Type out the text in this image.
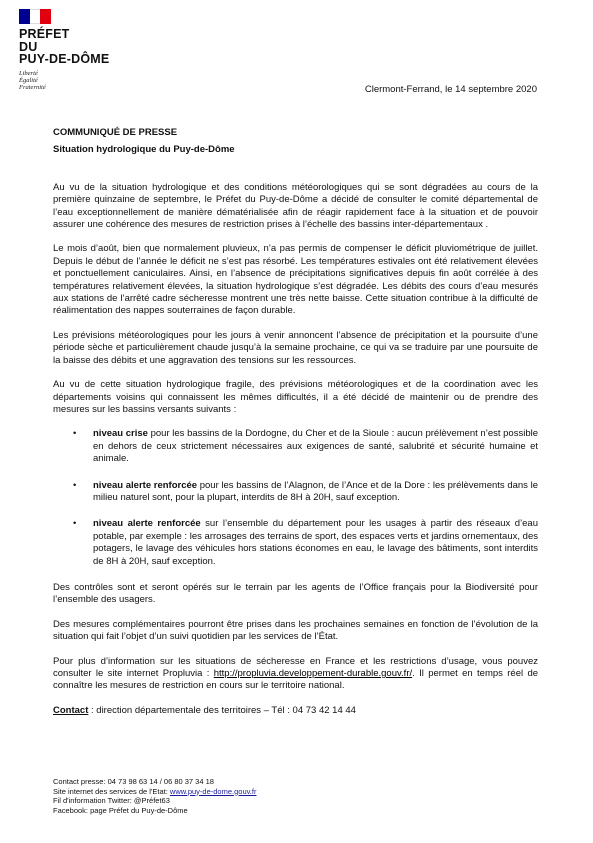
PRÉFET
DU
PUY-DE-DÔME
Liberté
Égalité
Fraternité	Clermont-Ferrand, le 14 septembre 2020
COMMUNIQUÉ DE PRESSE
Situation hydrologique du Puy-de-Dôme

Au vu de la situation hydrologique et des conditions météorologiques qui se sont dégradées au cours de la première quinzaine de septembre, le Préfet du Puy-de-Dôme a décidé de consulter le comité départemental de l’eau exceptionnellement de manière dématérialisée afin de réagir rapidement face à la situation et de pouvoir assurer une cohérence des mesures de restriction prises à l’échelle des bassins inter-départementaux .

Le mois d’août, bien que normalement pluvieux, n’a pas permis de compenser le déficit pluviométrique de juillet. Depuis le début de l’année le déficit ne s’est pas résorbé. Les températures estivales ont été relativement élevées et ponctuellement caniculaires. Ainsi, en l’absence de précipitations significatives depuis fin août corrélée à des températures relativement élevées, la situation hydrologique s’est dégradée. Les débits des cours d’eau mesurés aux stations de l’arrêté cadre sécheresse montrent une très nette baisse. Cette situation contribue à la difficulté de réalimentation des nappes souterraines de façon durable.

Les prévisions météorologiques pour les jours à venir annoncent l’absence de précipitation et la poursuite d’une période sèche et particulièrement chaude jusqu’à la semaine prochaine, ce qui va se traduire par une poursuite de la baisse des débits et une aggravation des tensions sur les ressources.

Au vu de cette situation hydrologique fragile, des prévisions météorologiques et de la coordination avec les départements voisins qui connaissent les mêmes difficultés, il a été décidé de maintenir ou de prendre des mesures sur les bassins versants suivants :

• niveau crise pour les bassins de la Dordogne, du Cher et de la Sioule : aucun prélèvement n’est possible en dehors de ceux strictement nécessaires aux exigences de santé, salubrité et sécurité humaine et animale.
• niveau alerte renforcée pour les bassins de l’Alagnon, de l’Ance et de la Dore : les prélèvements dans le milieu naturel sont, pour la plupart, interdits de 8H à 20H, sauf exception.
• niveau alerte renforcée sur l’ensemble du département pour les usages à partir des réseaux d’eau potable, par exemple : les arrosages des terrains de sport, des espaces verts et jardins ornementaux, des potagers, le lavage des véhicules hors stations économes en eau, le lavage des bâtiments, sont interdits de 8H à 20H, sauf exception.

Des contrôles sont et seront opérés sur le terrain par les agents de l’Office français pour la Biodiversité pour l’ensemble des usagers.

Des mesures complémentaires pourront être prises dans les prochaines semaines en fonction de l’évolution de la situation qui fait l’objet d’un suivi quotidien par les services de l’État.

Pour plus d’information sur les situations de sécheresse en France et les restrictions d’usage, vous pouvez consulter le site internet Propluvia : http://propluvia.developpement-durable.gouv.fr/. Il permet en temps réel de connaître les mesures de restriction en cours sur le territoire national.

Contact : direction départementale des territoires – Tél : 04 73 42 14 44

Contact presse: 04 73 98 63 14 / 06 80 37 34 18
Site internet des services de l'Etat: www.puy-de-dome.gouv.fr
Fil d'information Twitter: @Préfet63
Facebook: page Préfet du Puy-de-Dôme
